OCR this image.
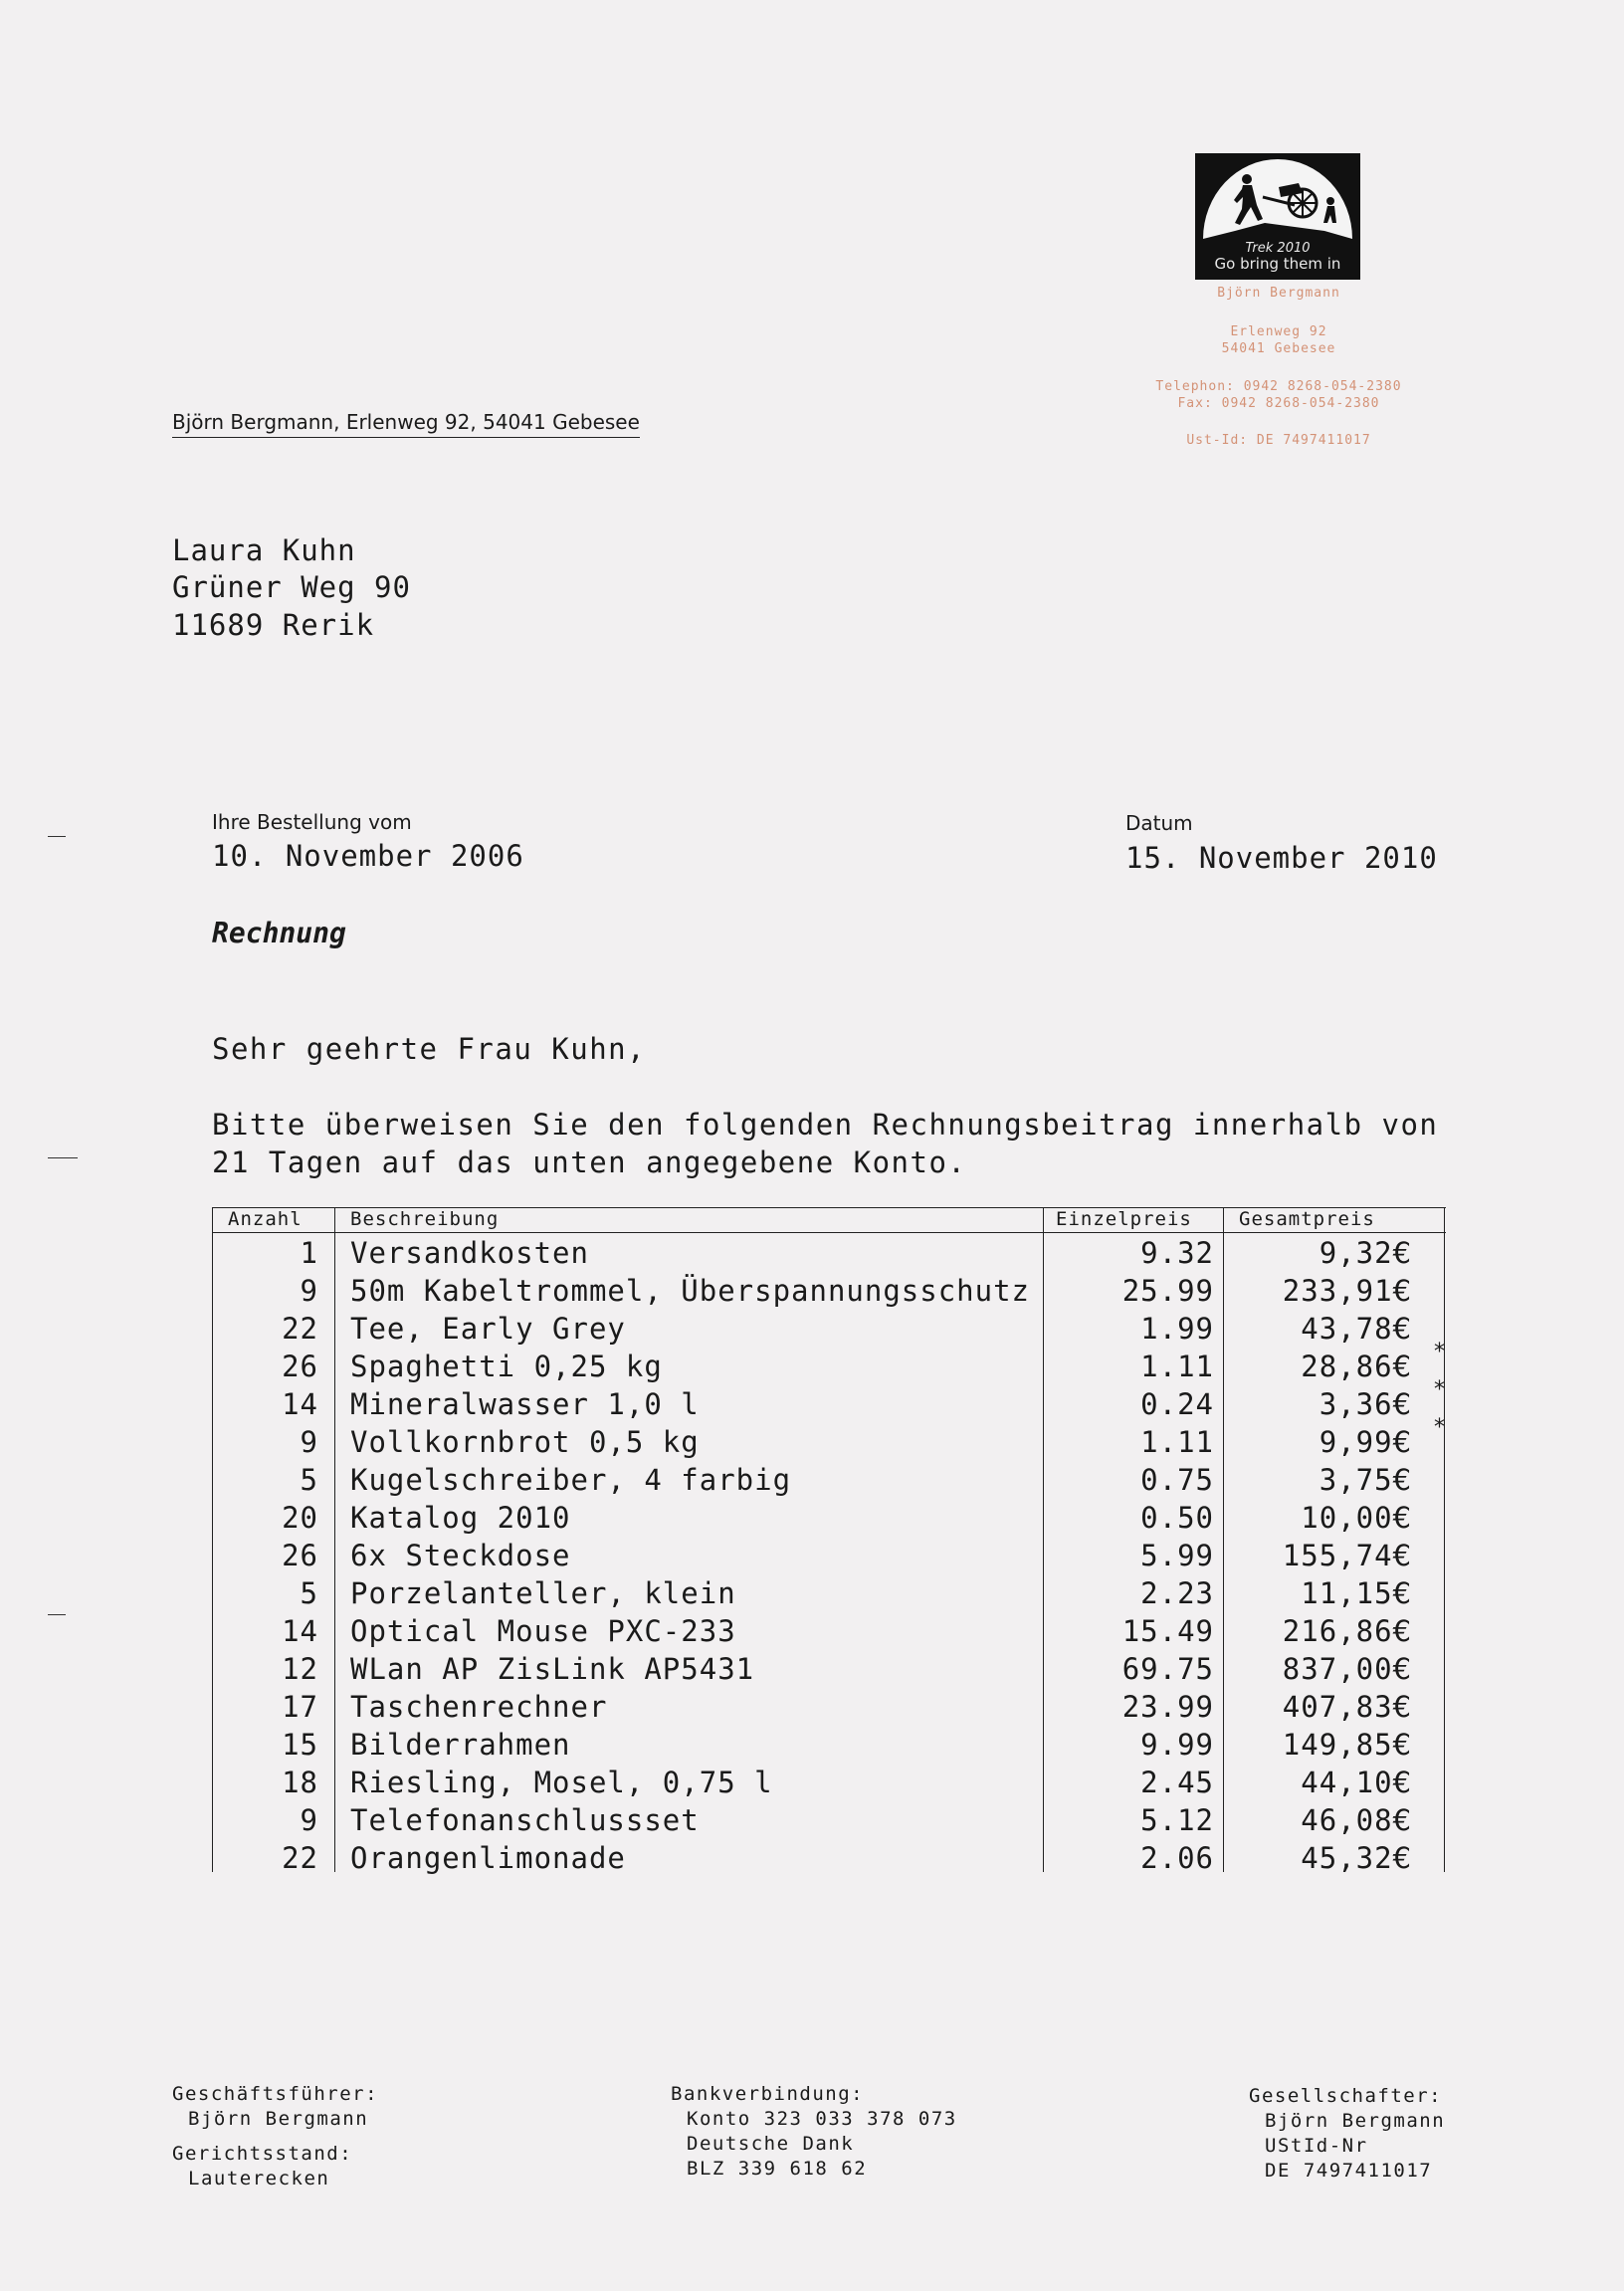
Trek 2010
Go bring them in
Björn Bergmann
Erlenweg 92
54041 Gebesee
Telephon: 0942 8268-054-2380
Fax: 0942 8268-054-2380
Ust-Id: DE 7497411017
Björn Bergmann, Erlenweg 92, 54041 Gebesee
Laura Kuhn
Grüner Weg 90
11689 Rerik
Ihre Bestellung vom
10. November 2006
Datum
15. November 2010
Rechnung
Sehr geehrte Frau Kuhn,
Bitte überweisen Sie den folgenden Rechnungsbeitrag innerhalb von
21 Tagen auf das unten angegebene Konto.
Anzahl	Beschreibung	Einzelpreis Gesamtpreis
1 Versandkosten	9.32	9,32€
9 50m Kabeltrommel, Überspannungsschutz	25.99	233,91€
22 Tee, Early Grey	1.99	43,78€
26 Spaghetti 0,25 kg	1.11	28,86€ *
14 Mineralwasser 1,0 l	0.24	3,36€ *
9 Vollkornbrot 0,5 kg	1.11	9,99€ *
5 Kugelschreiber, 4 farbig	0.75	3,75€
20 Katalog 2010	0.50	10,00€
26 6x Steckdose	5.99	155,74€
5 Porzelanteller, klein	2.23	11,15€
14 Optical Mouse PXC-233	15.49	216,86€
12 WLan AP ZisLink AP5431	69.75	837,00€
17 Taschenrechner	23.99	407,83€
15 Bilderrahmen	9.99	149,85€
18 Riesling, Mosel, 0,75 l	2.45	44,10€
9 Telefonanschlussset	5.12	46,08€
22 Orangenlimonade	2.06	45,32€
Geschäftsführer:
Björn Bergmann
Gerichtsstand:
Lauterecken
Bankverbindung:
Konto 323 033 378 073
Deutsche Dank
BLZ 339 618 62
Gesellschafter:
Björn Bergmann
UStId-Nr
DE 7497411017
